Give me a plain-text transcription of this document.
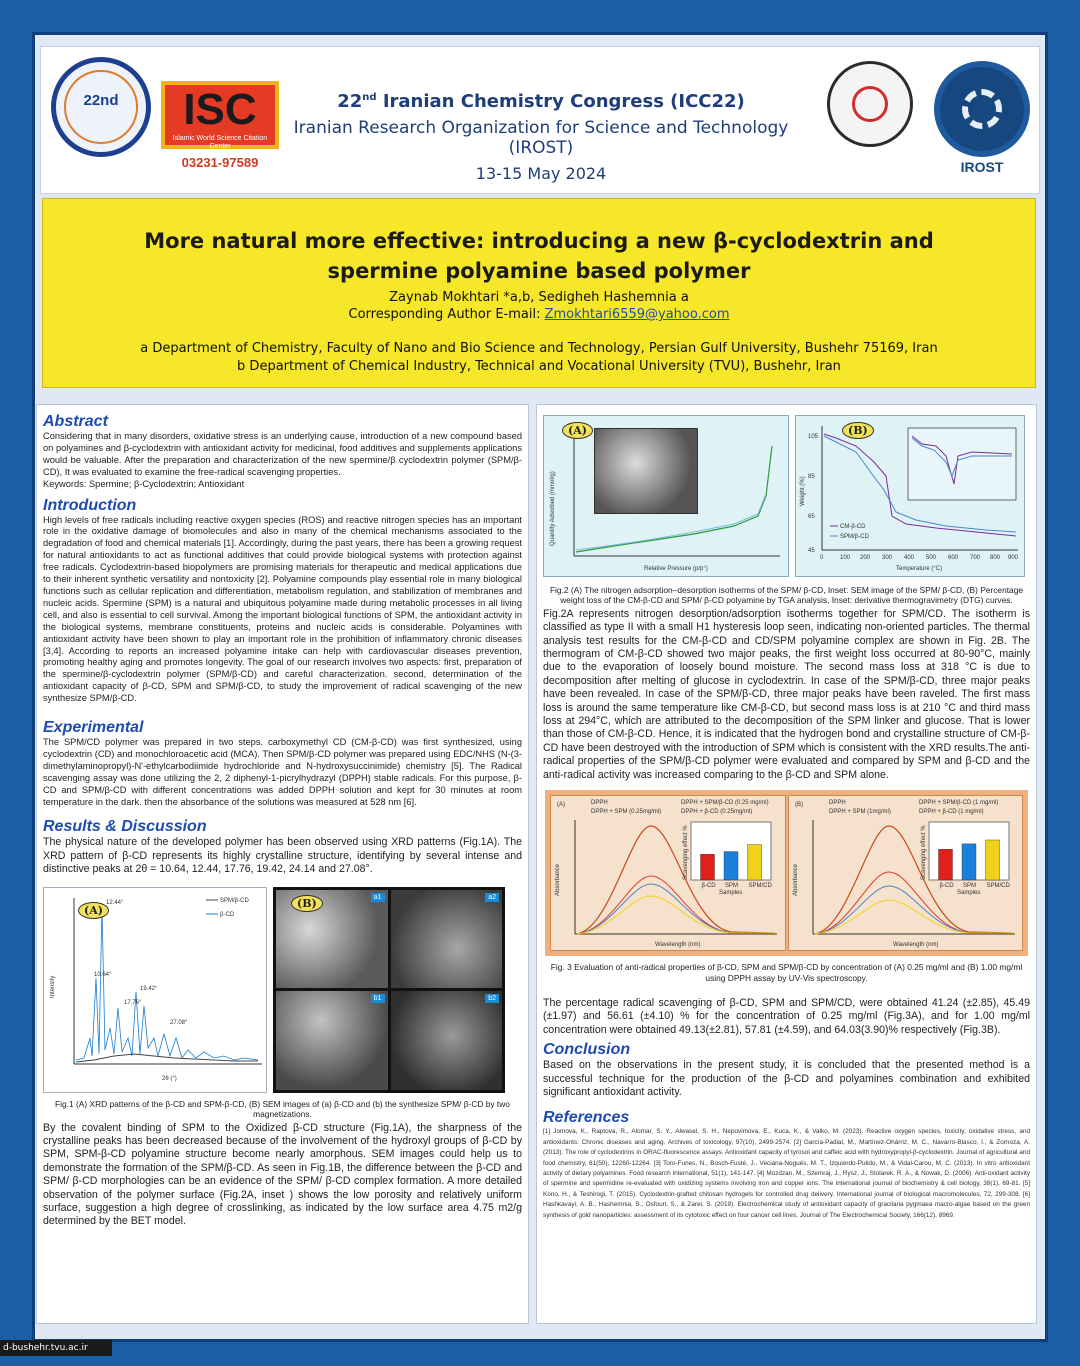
22nd	ISC
Islamic World Science Citation Center
03231-97589
22nd Iranian Chemistry Congress (ICC22)
Iranian Research Organization for Science and Technology (IROST)
13-15 May 2024	IROST
More natural more effective: introducing a new β-cyclodextrin and spermine polyamine based polymer
Zaynab Mokhtari *a,b, Sedigheh Hashemnia a
Corresponding Author E-mail: Zmokhtari6559@yahoo.com
a Department of Chemistry, Faculty of Nano and Bio Science and Technology, Persian Gulf University, Bushehr 75169, Iran
b Department of Chemical Industry, Technical and Vocational University (TVU), Bushehr, Iran
Abstract

Considering that in many disorders, oxidative stress is an underlying cause, introduction of a new compound based on polyamines and β-cyclodextrin with antioxidant activity for medicinal, food additives and supplements applications would be valuable. After the preparation and characterization of the new spermine/β cyclodextrin polymer (SPM/β-CD), It was evaluated to examine the free-radical scavenging properties.

Keywords: Spermine; β-Cyclodextrin; Antioxidant

Introduction

High levels of free radicals including reactive oxygen species (ROS) and reactive nitrogen species has an important role in the oxidative damage of biomolecules and also in many of the chemical mechanisms associated to the degradation of food and chemical materials [1]. Accordingly, during the past years, there has been a growing request for natural antioxidants to act as functional additives that could provide biological systems with protection against free radicals. Cyclodextrin-based biopolymers are promising materials for therapeutic and medical applications due to their inherent synthetic versatility and nontoxicity [2]. Polyamine compounds play essential role in many biological functions such as cellular replication and differentiation, metabolism regulation, and stabilization of membranes and nucleic acids. Spermine (SPM) is a natural and ubiquitous polyamine made during metabolic processes in all living cell, and also is essential to cell survival. Among the important biological functions of SPM, the antioxidant activity in the biological systems, membrane constituents, proteins and nucleic acids is considerable. Polyamines with antioxidant activity have been shown to play an important role in the prohibition of inflammatory chronic diseases [3,4]. According to reports an increased polyamine intake can help with cardiovascular diseases prevention, promoting healthy aging and promotes longevity. The goal of our research involves two aspects: first, preparation of the spermine/β-cyclodextrin polymer (SPM/β-CD) and careful characterization. second, determination of the antioxidant capacity of β-CD, SPM and SPM/β-CD, to study the improvement of radical scavenging of the new synthesize SPM/β-CD.

Experimental

The SPM/CD polymer was prepared in two steps. carboxymethyl CD (CM-β-CD) was first synthesized, using cyclodextrin (CD) and monochloroacetic acid (MCA). Then SPM/β-CD polymer was prepared using EDC/NHS (N-(3-dimethylaminopropyl)-N'-ethylcarbodiimide hydrochloride and N-hydroxysuccinimide) chemistry [5]. The Radical scavenging assay was done utilizing the 2, 2 diphenyl-1-picrylhydrazyl (DPPH) stable radicals. For this purpose, β-CD and SPM/β-CD with different concentrations was added DPPH solution and kept for 30 minutes at room temperature in the dark. then the absorbance of the solutions was measured at 528 nm [6].

Results & Discussion

The physical nature of the developed polymer has been observed using XRD patterns (Fig.1A). The XRD pattern of β-CD represents its highly crystalline structure, identifying by several intense and distinctive peaks at 2θ = 10.64, 12.44, 17.76, 19.42, 24.14 and 27.08°.

(A)
12.44°
10.64°
19.42°
17.76°
27.08°
SPM/β-CD
β-CD
Intensity
2θ (°)
(B)	a1	a2
b1	b2

Fig.1 (A) XRD patterns of the β-CD and SPM-β-CD, (B) SEM images of (a) β-CD and (b) the synthesize SPM/ β-CD by two magnetizations.

By the covalent binding of SPM to the Oxidized β-CD structure (Fig.1A), the sharpness of the crystalline peaks has been decreased because of the involvement of the hydroxyl groups of β-CD by SPM, SPM-β-CD polyamine structure become nearly amorphous. SEM images could help us to demonstrate the formation of the SPM/β-CD. As seen in Fig.1B, the difference between the β-CD and SPM/ β-CD morphologies can be an evidence of the SPM/ β-CD complex formation. A more detailed observation of the polymer surface (Fig.2A, inset ) shows the low porosity and relatively uniform surface, suggestion a high degree of crosslinking, as indicated by the low surface area 4.75 m2/g determined by the BET model.

(A)
Quantity Adsorbed (mmol/g)
Relative Pressure (p/p°)
(B)
105
85
65
45
0	100 200 300 400 500 600 700 800 900
Weight (%)
Temperature (°C)
CM-β-CD
SPM/β-CD

Fig.2 (A) The nitrogen adsorption–desorption isotherms of the SPM/ β-CD, Inset: SEM image of the SPM/ β-CD, (B) Percentage weight loss of the CM-β-CD and SPM/ β-CD polyamine by TGA analysis, Inset: derivative thermogravimetry (DTG) curves.

Fig.2A represents nitrogen desorption/adsorption isotherms together for SPM/CD. The isotherm is classified as type II with a small H1 hysteresis loop seen, indicating non-oriented particles. The thermal analysis test results for the CM-β-CD and CD/SPM polyamine complex are shown in Fig. 2B. The thermogram of CM-β-CD showed two major peaks, the first weight loss occurred at 80-90°C, mainly due to the evaporation of loosely bound moisture. The second mass loss at 318 °C is due to decomposition after melting of glucose in cyclodextrin. In case of the SPM/β-CD, three major peaks have been revealed. In case of the SPM/β-CD, three major peaks have been raveled. The first mass loss is around the same temperature like CM-β-CD, but second mass loss is at 210 °C and third mass loss at 294°C, which are attributed to the decomposition of the SPM linker and glucose. That is lower than those of CM-β-CD. Hence, it is indicated that the hydrogen bond and crystalline structure of CM-β-CD have been destroyed with the introduction of SPM which is consistent with the XRD results.The anti-radical properties of the SPM/β-CD polymer were evaluated and compared by SPM and β-CD and the anti-radical activity was increased comparing to the β-CD and SPM alone.

(A)	DPPH	DPPH + SPM/β-CD (0.25 mg/ml)
DPPH + SPM (0.25mg/ml)	DPPH + β-CD (0.25mg/ml)
Absorbance
Wavelength (nm)
β-CD SPM SPM/CD
Samples
Scavenging effect %
(B)	DPPH	DPPH + SPM/β-CD (1 mg/ml)
DPPH + SPM (1mg/ml)	DPPH + β-CD (1 mg/ml)
Absorbance
Wavelength (nm)
β-CD SPM SPM/CD
Samples
Scavenging effect %

Fig. 3 Evaluation of anti-radical properties of β-CD, SPM and SPM/β-CD by concentration of (A) 0.25 mg/ml and (B) 1.00 mg/ml using DPPH assay by UV-Vis spectroscopy.

The percentage radical scavenging of β-CD, SPM and SPM/CD, were obtained 41.24 (±2.85), 45.49 (±1.97) and 56.61 (±4.10) % for the concentration of 0.25 mg/ml (Fig.3A), and for 1.00 mg/ml concentration were obtained 49.13(±2.81), 57.81 (±4.59), and 64.03(3.90)% respectively (Fig.3B).

Conclusion

Based on the observations in the present study, it is concluded that the presented method is a successful technique for the production of the β-CD and polyamines combination and exhibited significant antioxidant activity.

References

[1] Jomova, K., Raptova, R., Alomar, S. Y., Alwasel, S. H., Nepovimova, E., Kuca, K., & Valko, M. (2023). Reactive oxygen species, toxicity, oxidative stress, and antioxidants: Chronic diseases and aging. Archives of toxicology, 97(10), 2499-2574. [2] García-Padial, M., Martínez-Ohárriz, M. C., Navarro-Blasco, I., & Zornoza, A. (2013). The role of cyclodextrins in ORAC-fluorescence assays. Antioxidant capacity of tyrosol and caffeic acid with hydroxypropyl-β-cyclodextrin. Journal of agricultural and food chemistry, 61(50), 12260-12264. [3] Toro-Funes, N., Bosch-Fusté, J., Veciana-Nogués, M. T., Izquierdo-Pulido, M., & Vidal-Carou, M. C. (2013). In vitro antioxidant activity of dietary polyamines. Food research international, 51(1), 141-147. [4] Mozdzan, M., Szemraj, J., Rysz, J., Stolarek, R. A., & Nowak, D. (2006). Anti-oxidant activity of spermine and spermidine re-evaluated with oxidizing systems involving iron and copper ions. The international journal of biochemistry & cell biology, 38(1), 69-81. [5] Kono, H., & Teshirogi, T. (2015). Cyclodextrin-grafted chitosan hydrogels for controlled drug delivery. International journal of biological macromolecules, 72, 299-308. [6] Hashkavayi, A. B., Hashemnia, S., Osfouri, S., & Zarei, S. (2019). Electrochemical study of antioxidant capacity of gracilaria pygmaea macro-algae based on the green synthesis of gold nanoparticles: assessment of its cytotoxic effect on four cancer cell lines. Journal of The Electrochemical Society, 166(12), 8969.

d-bushehr.tvu.ac.ir
